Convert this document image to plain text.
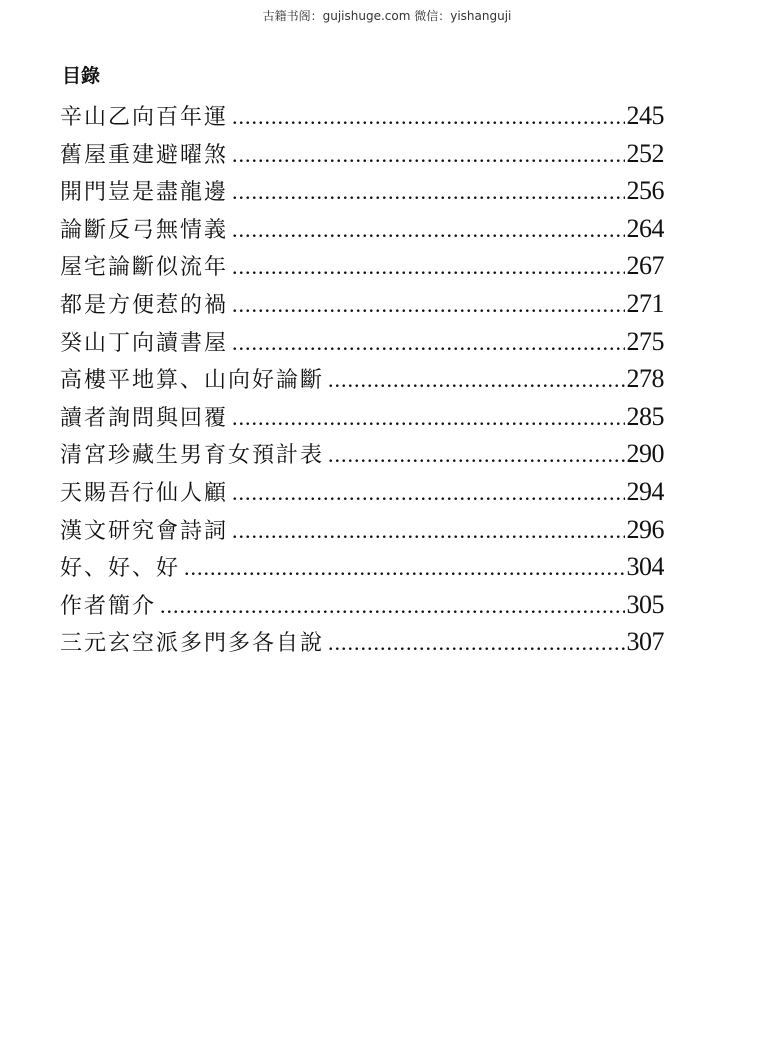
古籍书阁：gujishuge.com 微信：yishanguji
目錄
辛山乙向百年運 .....	245
舊屋重建避曜煞 .....	252
開門豈是盡龍邊 .....	256
論斷反弓無情義 .....	264
屋宅論斷似流年 .....	267
都是方便惹的禍 .....	271
癸山丁向讀書屋 .....	275
高樓平地算、山向好論斷 .....	278
讀者詢問與回覆 .....	285
清宮珍藏生男育女預計表 .....	290
天賜吾行仙人顧 .....	294
漢文研究會詩詞 .....	296
好、好、好 .....	304
作者簡介 .....	305
三元玄空派多門多各自說 .....	307
